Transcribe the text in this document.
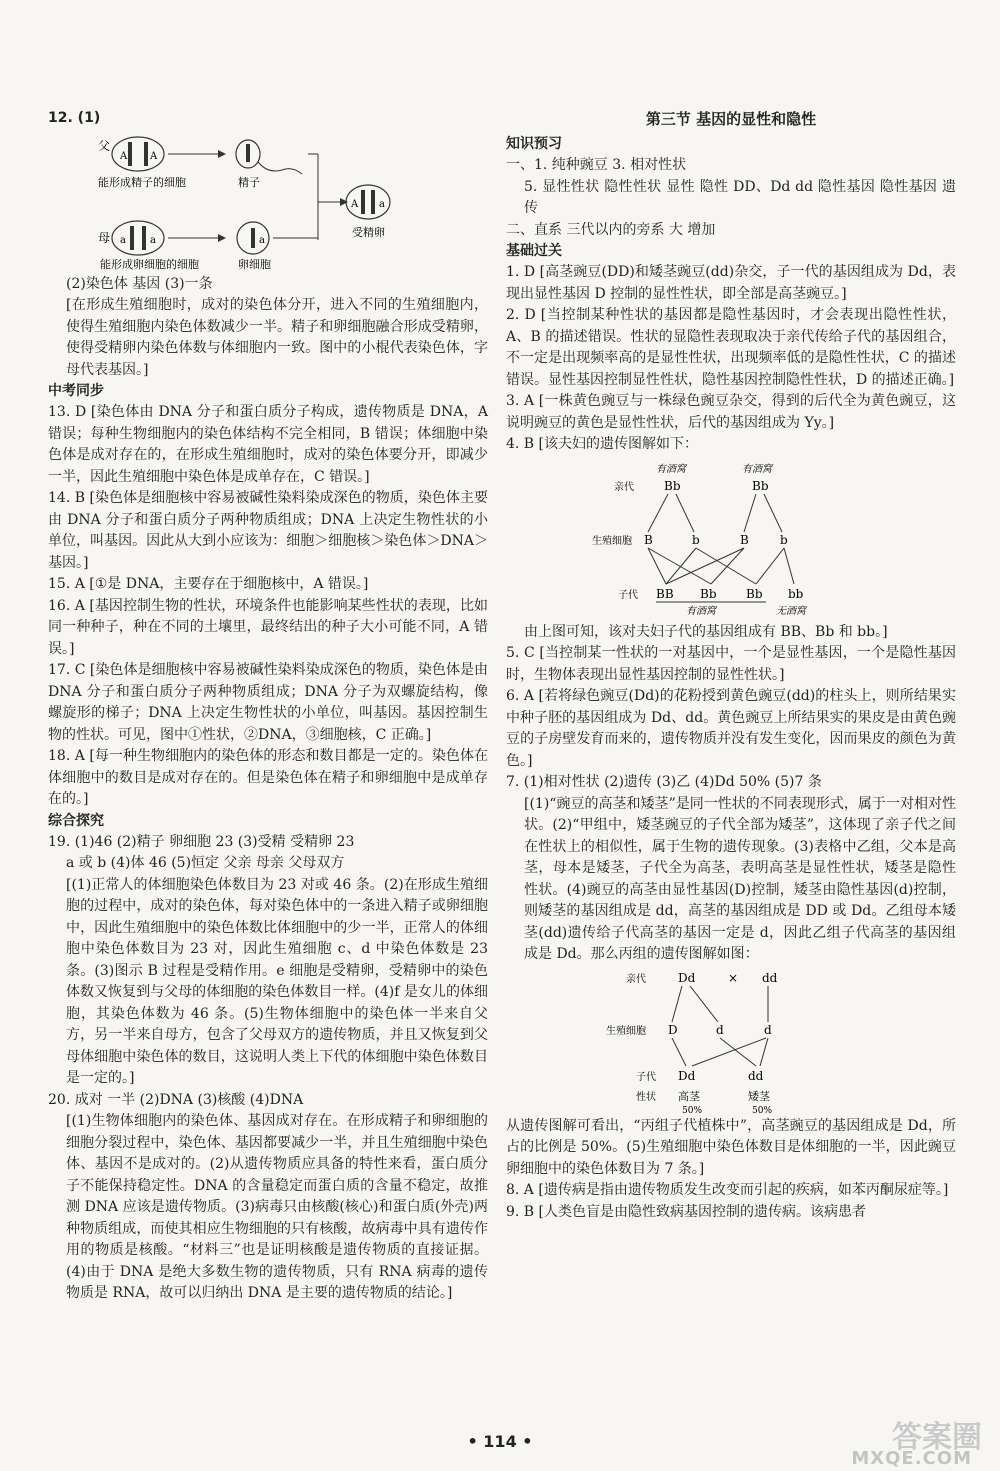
12. (1)

父
A A
能形成精子的细胞	精子
A a
受精卵
母 a a
能形成卵细胞的细胞
a
卵细胞

(2)染色体 基因 (3)一条

[在形成生殖细胞时，成对的染色体分开，进入不同的生殖细胞内，使得生殖细胞内染色体数减少一半。精子和卵细胞融合形成受精卵，使得受精卵内染色体数与体细胞内一致。图中的小棍代表染色体，字母代表基因。]

中考同步

13. D [染色体由 DNA 分子和蛋白质分子构成，遗传物质是 DNA，A 错误；每种生物细胞内的染色体结构不完全相同，B 错误；体细胞中染色体是成对存在的，在形成生殖细胞时，成对的染色体要分开，即减少一半，因此生殖细胞中染色体是成单存在，C 错误。]

14. B [染色体是细胞核中容易被碱性染料染成深色的物质，染色体主要由 DNA 分子和蛋白质分子两种物质组成；DNA 上决定生物性状的小单位，叫基因。因此从大到小应该为：细胞＞细胞核＞染色体＞DNA＞基因。]

15. A [①是 DNA，主要存在于细胞核中，A 错误。]

16. A [基因控制生物的性状，环境条件也能影响某些性状的表现，比如同一种种子，种在不同的土壤里，最终结出的种子大小可能不同，A 错误。]

17. C [染色体是细胞核中容易被碱性染料染成深色的物质，染色体是由 DNA 分子和蛋白质分子两种物质组成；DNA 分子为双螺旋结构，像螺旋形的梯子；DNA 上决定生物性状的小单位，叫基因。基因控制生物的性状。可见，图中①性状，②DNA，③细胞核，C 正确。]

18. A [每一种生物细胞内的染色体的形态和数目都是一定的。染色体在体细胞中的数目是成对存在的。但是染色体在精子和卵细胞中是成单存在的。]

综合探究

19. (1)46 (2)精子 卵细胞 23 (3)受精 受精卵 23

a 或 b (4)体 46 (5)恒定 父亲 母亲 父母双方

[(1)正常人的体细胞染色体数目为 23 对或 46 条。(2)在形成生殖细胞的过程中，成对的染色体，每对染色体中的一条进入精子或卵细胞中，因此生殖细胞中的染色体数比体细胞中的少一半，正常人的体细胞中染色体数目为 23 对，因此生殖细胞 c、d 中染色体数是 23 条。(3)图示 B 过程是受精作用。e 细胞是受精卵，受精卵中的染色体数又恢复到与父母的体细胞的染色体数目一样。(4)f 是女儿的体细胞，其染色体数为 46 条。(5)生物体细胞中的染色体一半来自父方，另一半来自母方，包含了父母双方的遗传物质，并且又恢复到父母体细胞中染色体的数目，这说明人类上下代的体细胞中染色体数目是一定的。]

20. 成对 一半 (2)DNA (3)核酸 (4)DNA

[(1)生物体细胞内的染色体、基因成对存在。在形成精子和卵细胞的细胞分裂过程中，染色体、基因都要减少一半，并且生殖细胞中染色体、基因不是成对的。(2)从遗传物质应具备的特性来看，蛋白质分子不能保持稳定性。DNA 的含量稳定而蛋白质的含量不稳定，故推测 DNA 应该是遗传物质。(3)病毒只由核酸(核心)和蛋白质(外壳)两种物质组成，而使其相应生物细胞的只有核酸，故病毒中具有遗传作用的物质是核酸。“材料三”也是证明核酸是遗传物质的直接证据。(4)由于 DNA 是绝大多数生物的遗传物质，只有 RNA 病毒的遗传物质是 RNA，故可以归纳出 DNA 是主要的遗传物质的结论。]

第三节 基因的显性和隐性

知识预习

一、1. 纯种豌豆 3. 相对性状

5. 显性性状 隐性性状 显性 隐性 DD、Dd dd 隐性基因 隐性基因 遗传

二、直系 三代以内的旁系 大 增加

基础过关

1. D [高茎豌豆(DD)和矮茎豌豆(dd)杂交，子一代的基因组成为 Dd，表现出显性基因 D 控制的显性性状，即全部是高茎豌豆。]

2. D [当控制某种性状的基因都是隐性基因时，才会表现出隐性性状，A、B 的描述错误。性状的显隐性表现取决于亲代传给子代的基因组合，不一定是出现频率高的是显性性状，出现频率低的是隐性性状，C 的描述错误。显性基因控制显性性状，隐性基因控制隐性性状，D 的描述正确。]

3. A [一株黄色豌豆与一株绿色豌豆杂交，得到的后代全为黄色豌豆，这说明豌豆的黄色是显性性状，后代的基因组成为 Yy。]

4. B [该夫妇的遗传图解如下：

有酒窝	有酒窝
亲代	Bb	Bb
生殖细胞 B	b	B	b
子代 BB Bb Bb bb
有酒窝	无酒窝

由上图可知，该对夫妇子代的基因组成有 BB、Bb 和 bb。]

5. C [当控制某一性状的一对基因中，一个是显性基因，一个是隐性基因时，生物体表现出显性基因控制的显性性状。]

6. A [若将绿色豌豆(Dd)的花粉授到黄色豌豆(dd)的柱头上，则所结果实中种子胚的基因组成为 Dd、dd。黄色豌豆上所结果实的果皮是由黄色豌豆的子房壁发育而来的，遗传物质并没有发生变化，因而果皮的颜色为黄色。]

7. (1)相对性状 (2)遗传 (3)乙 (4)Dd 50% (5)7 条

[(1)“豌豆的高茎和矮茎”是同一性状的不同表现形式，属于一对相对性状。(2)“甲组中，矮茎豌豆的子代全部为矮茎”，这体现了亲子代之间在性状上的相似性，属于生物的遗传现象。(3)表格中乙组，父本是高茎，母本是矮茎，子代全为高茎，表明高茎是显性性状，矮茎是隐性性状。(4)豌豆的高茎由显性基因(D)控制，矮茎由隐性基因(d)控制，则矮茎的基因组成是 dd，高茎的基因组成是 DD 或 Dd。乙组母本矮茎(dd)遗传给子代高茎的基因一定是 d，因此乙组子代高茎的基因组成是 Dd。那么丙组的遗传图解如图：

亲代	Dd	× dd
生殖细胞 D	d	d
子代 Dd	dd
性状 高茎	矮茎
50%	50%

从遗传图解可看出，“丙组子代植株中”，高茎豌豆的基因组成是 Dd，所占的比例是 50%。(5)生殖细胞中染色体数目是体细胞的一半，因此豌豆卵细胞中的染色体数目为 7 条。]

8. A [遗传病是指由遗传物质发生改变而引起的疾病，如苯丙酮尿症等。]

9. B [人类色盲是由隐性致病基因控制的遗传病。该病患者

• 114 •	答案圈
MXQE.COM
